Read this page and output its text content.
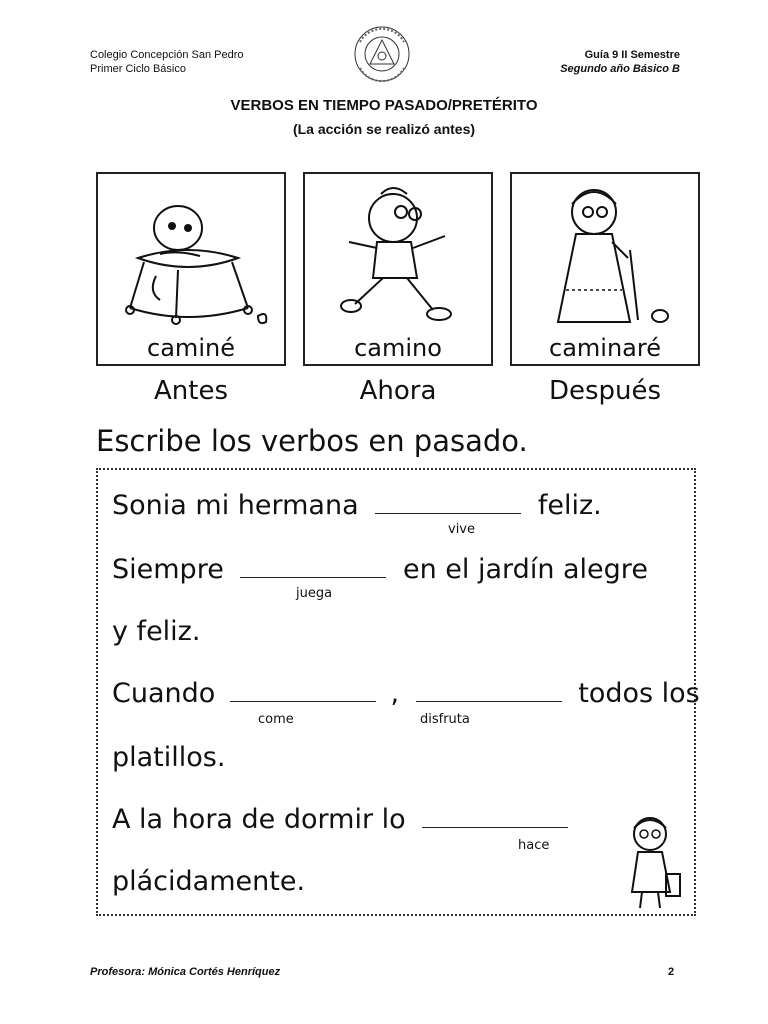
Colegio Concepción San Pedro
Primer Ciclo Básico
Guía 9 II Semestre
Segundo año Básico B
VERBOS EN TIEMPO PASADO/PRETÉRITO
(La acción se realizó antes)
caminé	camino	caminaré
Antes	Ahora	Después
Escribe los verbos en pasado.
Sonia mi hermana	feliz.
vive
Siempre	en el jardín alegre
juega
y feliz.
Cuando	,	todos los
come	disfruta
platillos.
A la hora de dormir lo
hace
plácidamente.
Profesora: Mónica Cortés Henríquez	2
